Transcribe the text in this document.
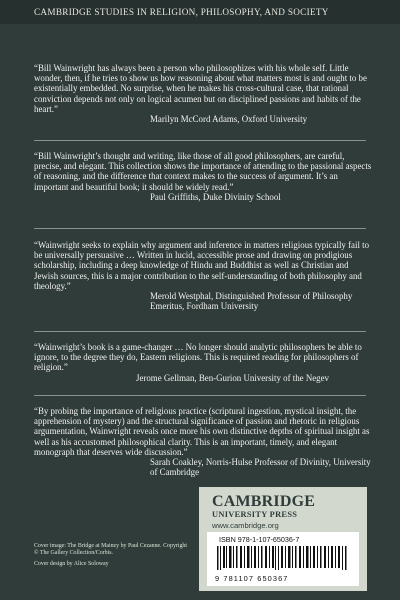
CAMBRIDGE STUDIES IN RELIGION, PHILOSOPHY, AND SOCIETY

“Bill Wainwright has always been a person who philosophizes with his whole self. Little wonder, then, if he tries to show us how reasoning about what matters most is and ought to be existentially embedded. No surprise, when he makes his cross-cultural case, that rational conviction depends not only on logical acumen but on disciplined passions and habits of the heart.”

Marilyn McCord Adams, Oxford University

“Bill Wainwright’s thought and writing, like those of all good philosophers, are careful, precise, and elegant. This collection shows the importance of attending to the passional aspects of reasoning, and the difference that context makes to the success of argument. It’s an important and beautiful book; it should be widely read.”

Paul Griffiths, Duke Divinity School

“Wainwright seeks to explain why argument and inference in matters religious typically fail to be universally persuasive … Written in lucid, accessible prose and drawing on prodigious scholarship, including a deep knowledge of Hindu and Buddhist as well as Christian and Jewish sources, this is a major contribution to the self-understanding of both philosophy and theology.”

Merold Westphal, Distinguished Professor of Philosophy Emeritus, Fordham University

“Wainwright’s book is a game-changer … No longer should analytic philosophers be able to ignore, to the degree they do, Eastern religions. This is required reading for philosophers of religion.”

Jerome Gellman, Ben-Gurion University of the Negev

“By probing the importance of religious practice (scriptural ingestion, mystical insight, the apprehension of mystery) and the structural significance of passion and rhetoric in religious argumentation, Wainwright reveals once more his own distinctive depths of spiritual insight as well as his accustomed philosophical clarity. This is an important, timely, and elegant monograph that deserves wide discussion.”

Sarah Coakley, Norris-Hulse Professor of Divinity, University of Cambridge

Cover image: The Bridge at Mainzy by Paul Cezanne. Copyright © The Gallery Collection/Corbis.

Cover design by Alice Soloway

CAMBRIDGE
UNIVERSITY PRESS
www.cambridge.org
ISBN 978-1-107-65036-7
9 781107 650367
